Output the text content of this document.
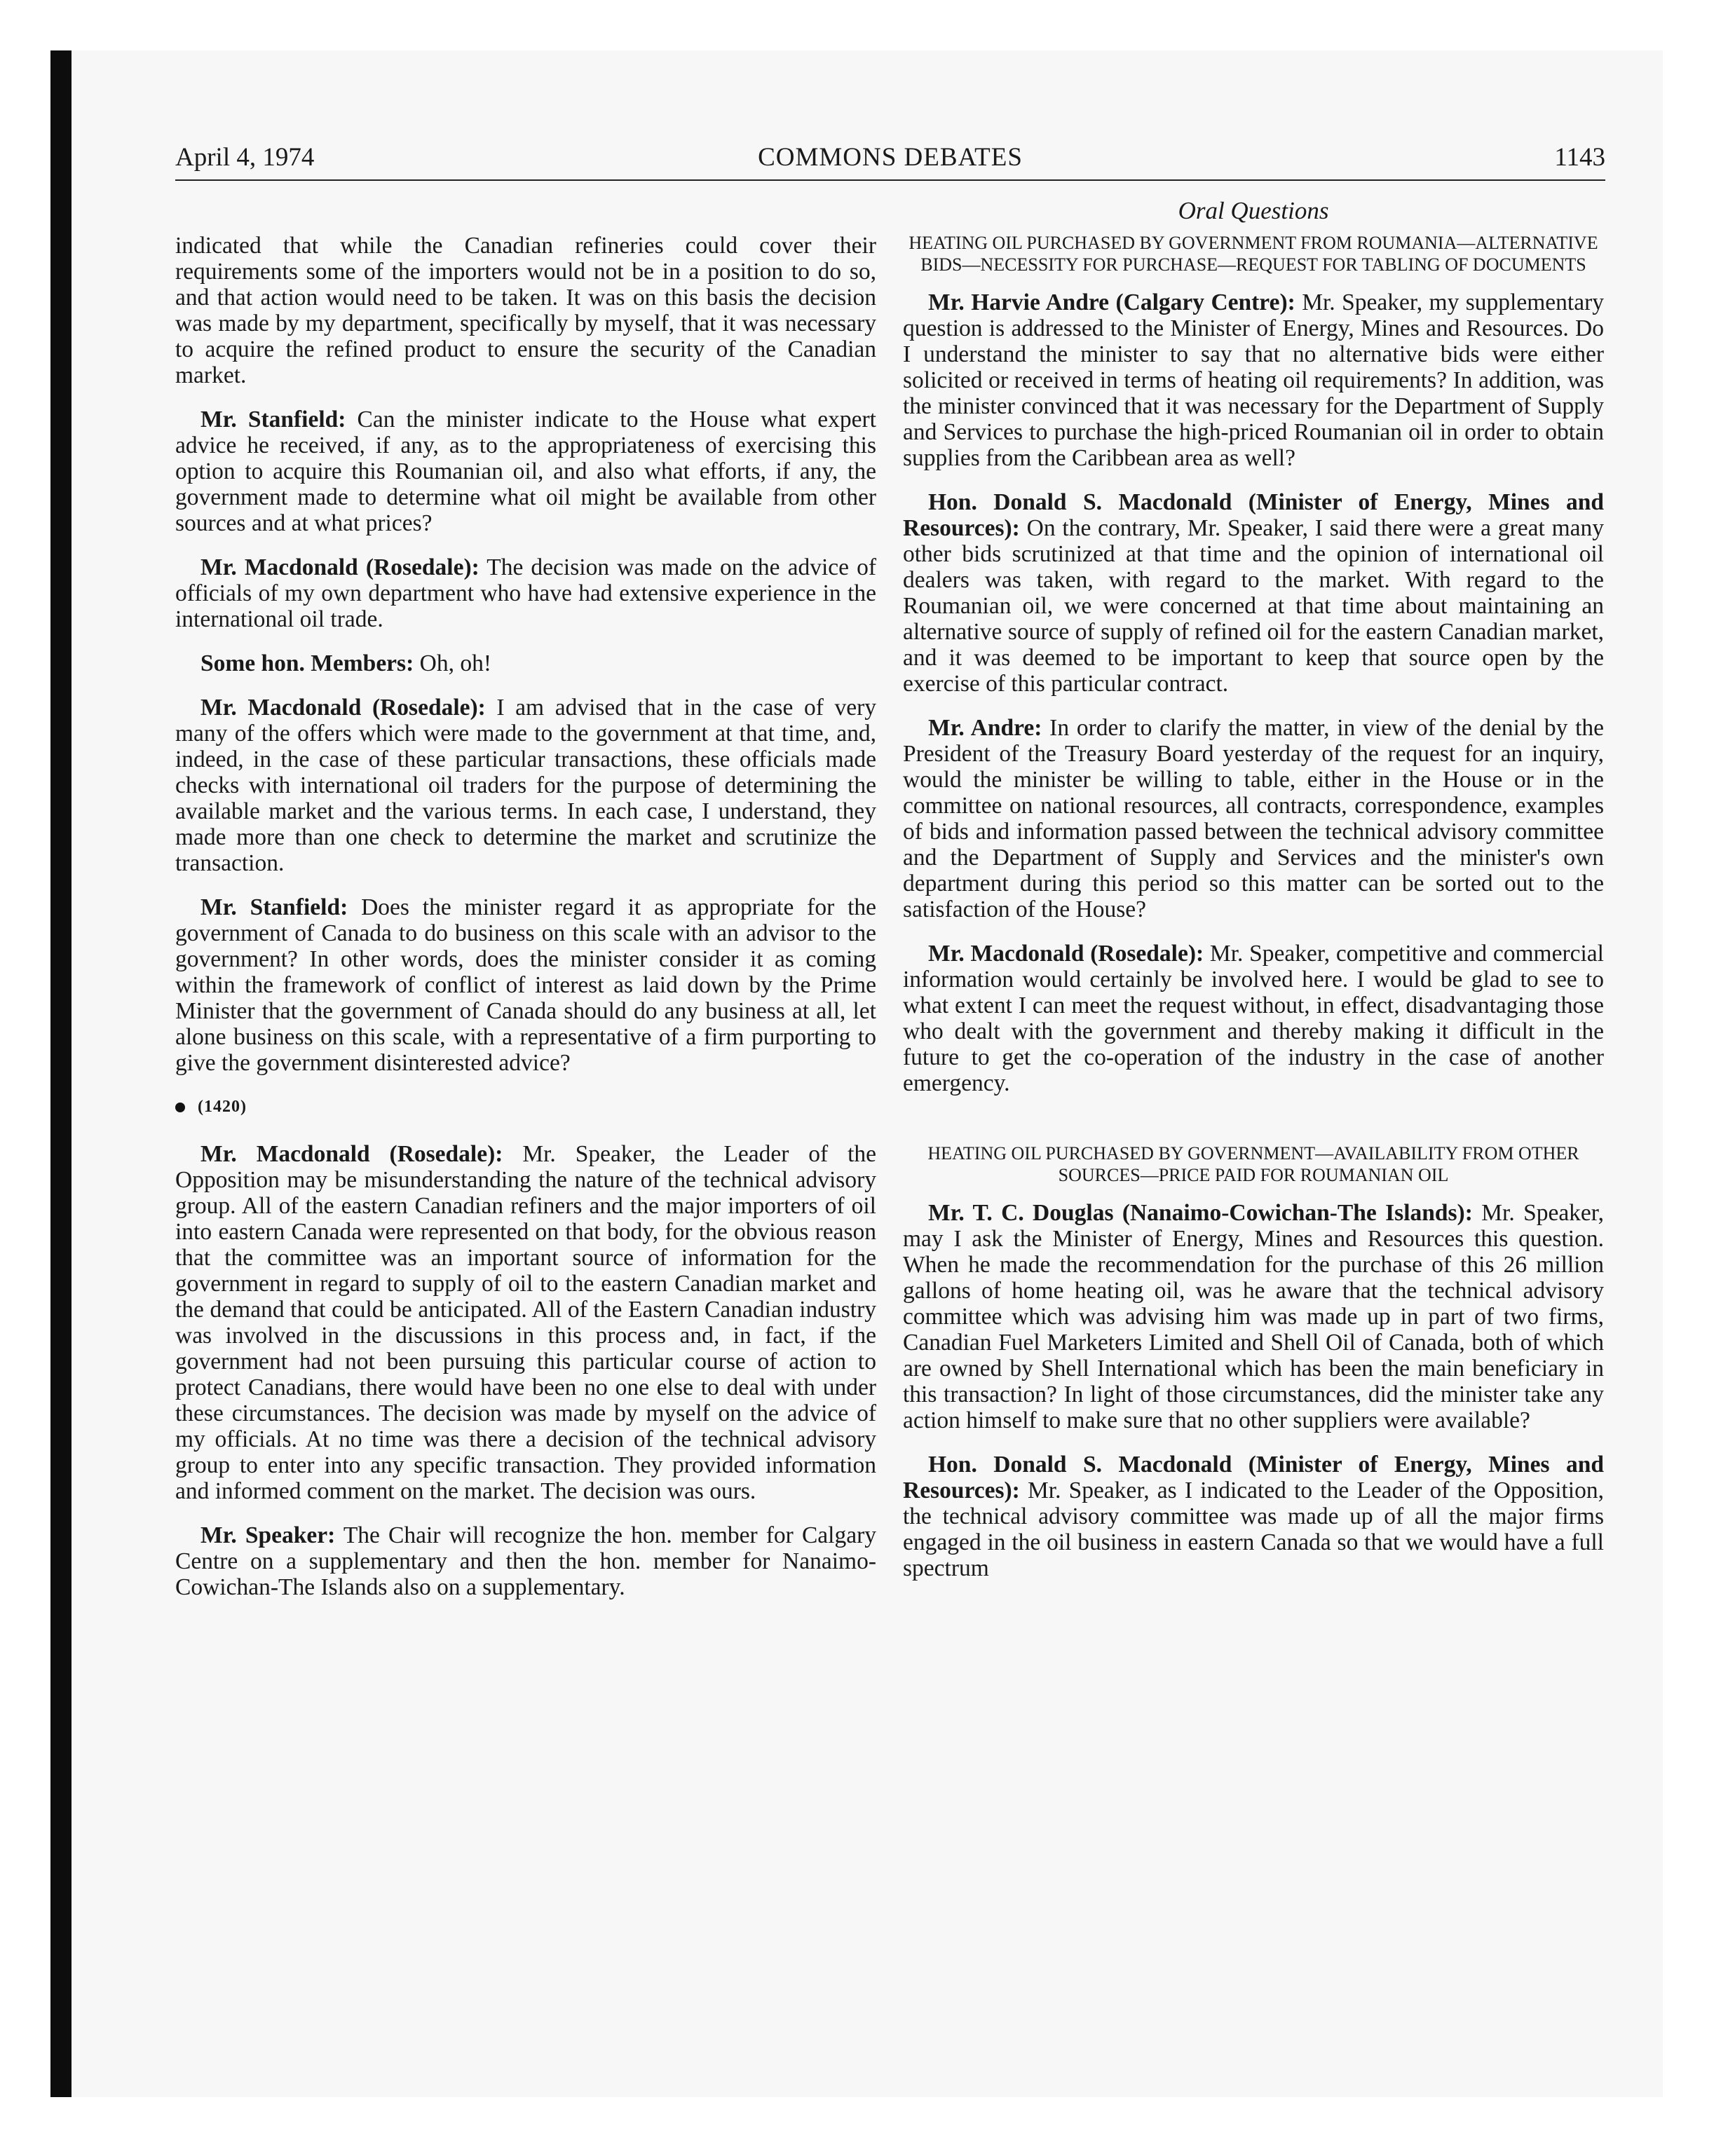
April 4, 1974	COMMONS DEBATES	1143

indicated that while the Canadian refineries could cover their requirements some of the importers would not be in a position to do so, and that action would need to be taken. It was on this basis the decision was made by my department, specifically by myself, that it was necessary to acquire the refined product to ensure the security of the Canadian market.

Mr. Stanfield: Can the minister indicate to the House what expert advice he received, if any, as to the appropriateness of exercising this option to acquire this Roumanian oil, and also what efforts, if any, the government made to determine what oil might be available from other sources and at what prices?

Mr. Macdonald (Rosedale): The decision was made on the advice of officials of my own department who have had extensive experience in the international oil trade.

Some hon. Members: Oh, oh!

Mr. Macdonald (Rosedale): I am advised that in the case of very many of the offers which were made to the government at that time, and, indeed, in the case of these particular transactions, these officials made checks with international oil traders for the purpose of determining the available market and the various terms. In each case, I understand, they made more than one check to determine the market and scrutinize the transaction.

Mr. Stanfield: Does the minister regard it as appropriate for the government of Canada to do business on this scale with an advisor to the government? In other words, does the minister consider it as coming within the framework of conflict of interest as laid down by the Prime Minister that the government of Canada should do any business at all, let alone business on this scale, with a representative of a firm purporting to give the government disinterested advice?

(1420)

Mr. Macdonald (Rosedale): Mr. Speaker, the Leader of the Opposition may be misunderstanding the nature of the technical advisory group. All of the eastern Canadian refiners and the major importers of oil into eastern Canada were represented on that body, for the obvious reason that the committee was an important source of information for the government in regard to supply of oil to the eastern Canadian market and the demand that could be anticipated. All of the Eastern Canadian industry was involved in the discussions in this process and, in fact, if the government had not been pursuing this particular course of action to protect Canadians, there would have been no one else to deal with under these circumstances. The decision was made by myself on the advice of my officials. At no time was there a decision of the technical advisory group to enter into any specific transaction. They provided information and informed comment on the market. The decision was ours.

Mr. Speaker: The Chair will recognize the hon. member for Calgary Centre on a supplementary and then the hon. member for Nanaimo-Cowichan-The Islands also on a supplementary.

Oral Questions
HEATING OIL PURCHASED BY GOVERNMENT FROM ROUMANIA—ALTERNATIVE BIDS—NECESSITY FOR PURCHASE—REQUEST FOR TABLING OF DOCUMENTS

Mr. Harvie Andre (Calgary Centre): Mr. Speaker, my supplementary question is addressed to the Minister of Energy, Mines and Resources. Do I understand the minister to say that no alternative bids were either solicited or received in terms of heating oil requirements? In addition, was the minister convinced that it was necessary for the Department of Supply and Services to purchase the high-priced Roumanian oil in order to obtain supplies from the Caribbean area as well?

Hon. Donald S. Macdonald (Minister of Energy, Mines and Resources): On the contrary, Mr. Speaker, I said there were a great many other bids scrutinized at that time and the opinion of international oil dealers was taken, with regard to the market. With regard to the Roumanian oil, we were concerned at that time about maintaining an alternative source of supply of refined oil for the eastern Canadian market, and it was deemed to be important to keep that source open by the exercise of this particular contract.

Mr. Andre: In order to clarify the matter, in view of the denial by the President of the Treasury Board yesterday of the request for an inquiry, would the minister be willing to table, either in the House or in the committee on national resources, all contracts, correspondence, examples of bids and information passed between the technical advisory committee and the Department of Supply and Services and the minister's own department during this period so this matter can be sorted out to the satisfaction of the House?

Mr. Macdonald (Rosedale): Mr. Speaker, competitive and commercial information would certainly be involved here. I would be glad to see to what extent I can meet the request without, in effect, disadvantaging those who dealt with the government and thereby making it difficult in the future to get the co-operation of the industry in the case of another emergency.

HEATING OIL PURCHASED BY GOVERNMENT—AVAILABILITY FROM OTHER SOURCES—PRICE PAID FOR ROUMANIAN OIL

Mr. T. C. Douglas (Nanaimo-Cowichan-The Islands): Mr. Speaker, may I ask the Minister of Energy, Mines and Resources this question. When he made the recommendation for the purchase of this 26 million gallons of home heating oil, was he aware that the technical advisory committee which was advising him was made up in part of two firms, Canadian Fuel Marketers Limited and Shell Oil of Canada, both of which are owned by Shell International which has been the main beneficiary in this transaction? In light of those circumstances, did the minister take any action himself to make sure that no other suppliers were available?

Hon. Donald S. Macdonald (Minister of Energy, Mines and Resources): Mr. Speaker, as I indicated to the Leader of the Opposition, the technical advisory committee was made up of all the major firms engaged in the oil business in eastern Canada so that we would have a full spectrum
